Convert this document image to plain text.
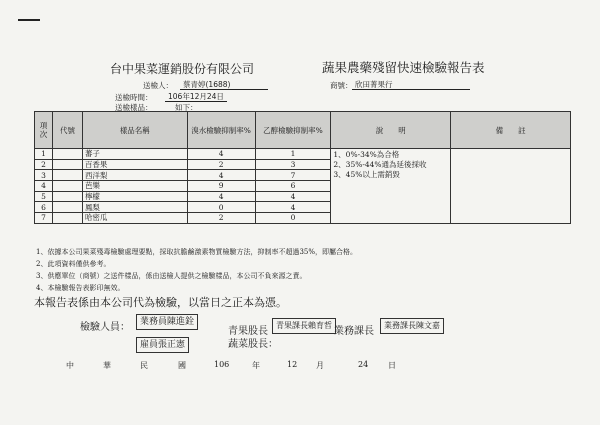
台中果菜運銷股份有限公司	蔬果農藥殘留快速檢驗報告表
送檢人： 蔡青婷(1688)	商號： 欣田菁果行
送檢時間： 106年12月24日
送檢樣品：	如下：
項次	代號	樣品名稱	溴水檢驗抑制率%	乙醇檢驗抑制率%	說　　明	備　　註
1		蕃子	4	1	1、0%-34%為合格
2、35%-44%通為延後採收
3、45%以上需銷毀	

2		百香果	2	3		
3		西洋梨	4	7		
4		芭樂	9	6		
5		檸檬	4	4		
6		鳳梨	0	4		
7		哈密瓜	2	0		
1、依據本公司果菜殘毒檢驗處理要點，採取抗膽鹼激素物質檢驗方法，抑制率不超過35%，即屬合格。
2、此項資料僅供參考。
3、供應單位（商號）之送件樣品，係由送檢人提供之檢驗樣品，本公司不負來源之責。
4、本檢驗報告表影印無效。
本報告表係由本公司代為檢驗，以當日之正本為憑。
檢驗人員：	業務員陳進銓
雇員張正憲
青果股長
青果課長賴育哲
業務課長
業務課長陳文嘉
蔬菜股長：
中	華	民	國	106	年	12 月	24 日
